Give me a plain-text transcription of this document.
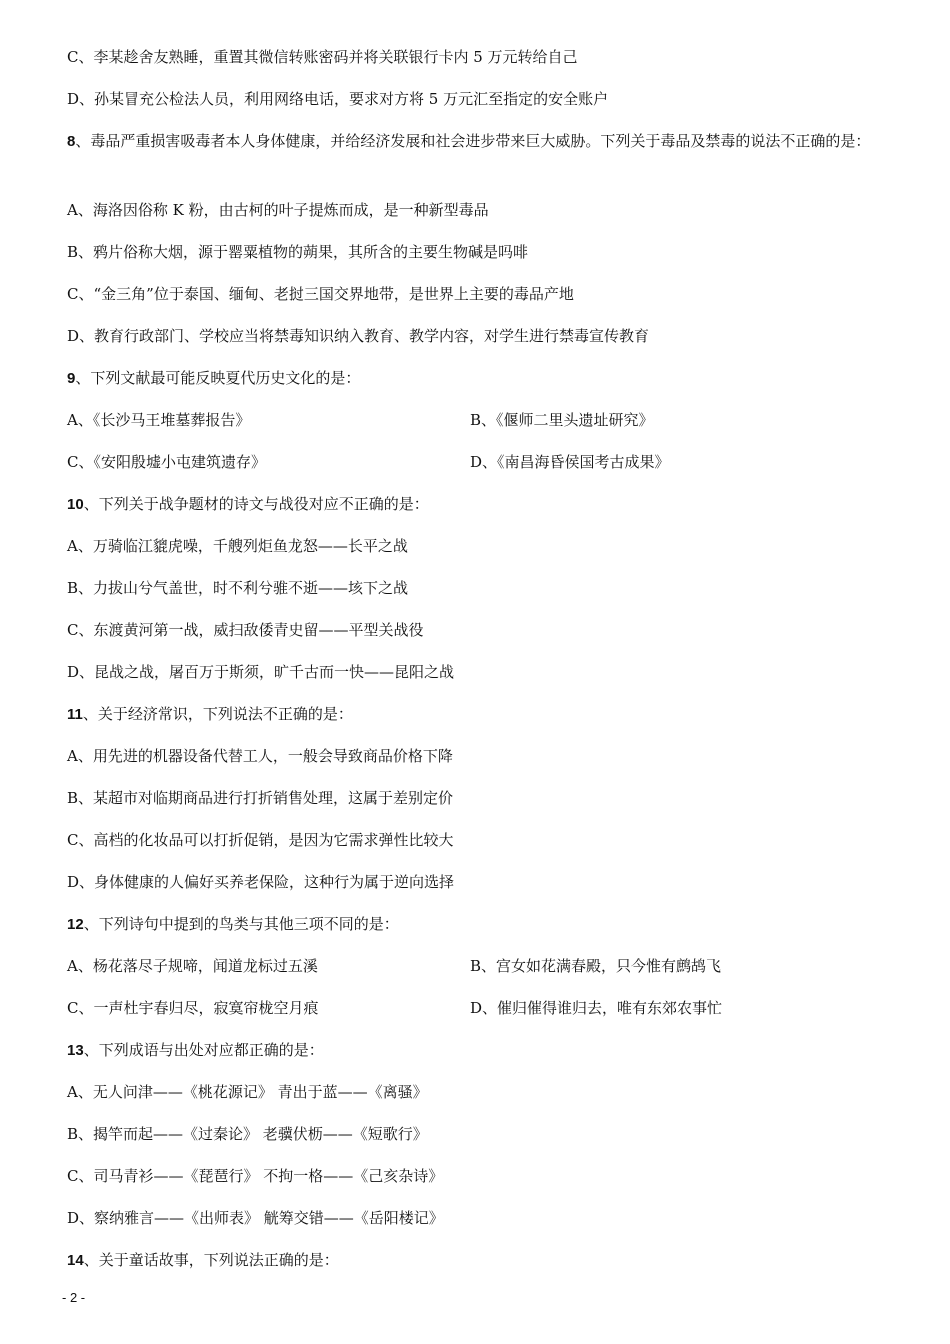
C、李某趁舍友熟睡，重置其微信转账密码并将关联银行卡内 5 万元转给自己
D、孙某冒充公检法人员，利用网络电话，要求对方将 5 万元汇至指定的安全账户
8、毒品严重损害吸毒者本人身体健康，并给经济发展和社会进步带来巨大威胁。下列关于毒品及禁毒的说法不正确的是：
A、海洛因俗称 K 粉，由古柯的叶子提炼而成，是一种新型毒品
B、鸦片俗称大烟，源于罂粟植物的蒴果，其所含的主要生物碱是吗啡
C、“金三角”位于泰国、缅甸、老挝三国交界地带，是世界上主要的毒品产地
D、教育行政部门、学校应当将禁毒知识纳入教育、教学内容，对学生进行禁毒宣传教育
9、下列文献最可能反映夏代历史文化的是：
A、《长沙马王堆墓葬报告》	B、《偃师二里头遗址研究》
C、《安阳殷墟小屯建筑遗存》	D、《南昌海昏侯国考古成果》
10、下列关于战争题材的诗文与战役对应不正确的是：
A、万骑临江貔虎噪，千艘列炬鱼龙怒——长平之战
B、力拔山兮气盖世，时不利兮骓不逝——垓下之战
C、东渡黄河第一战，威扫敌倭青史留——平型关战役
D、昆战之战，屠百万于斯须，旷千古而一快——昆阳之战
11、关于经济常识，下列说法不正确的是：
A、用先进的机器设备代替工人，一般会导致商品价格下降
B、某超市对临期商品进行打折销售处理，这属于差别定价
C、高档的化妆品可以打折促销，是因为它需求弹性比较大
D、身体健康的人偏好买养老保险，这种行为属于逆向选择
12、下列诗句中提到的鸟类与其他三项不同的是：
A、杨花落尽子规啼，闻道龙标过五溪	B、宫女如花满春殿，只今惟有鹧鸪飞
C、一声杜宇春归尽，寂寞帘栊空月痕	D、催归催得谁归去，唯有东郊农事忙
13、下列成语与出处对应都正确的是：
A、无人问津——《桃花源记》 青出于蓝——《离骚》
B、揭竿而起——《过秦论》 老骥伏枥——《短歌行》
C、司马青衫——《琵琶行》 不拘一格——《己亥杂诗》
D、察纳雅言——《出师表》 觥筹交错——《岳阳楼记》
14、关于童话故事，下列说法正确的是：
- 2 -
